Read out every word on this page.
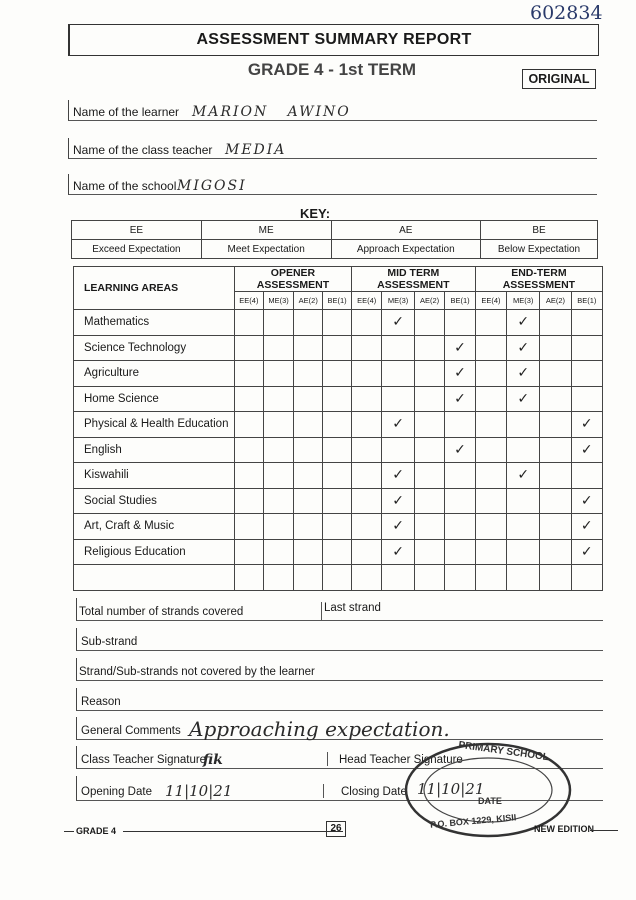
602834
ASSESSMENT SUMMARY REPORT
GRADE 4 - 1st TERM	ORIGINAL
Name of the learner MARION   AWINO
Name of the class teacher MEDIA
Name of the school MIGOSI
KEY:
EE	ME	AE	BE
Exceed Expectation	Meet Expectation	Approach Expectation	Below Expectation
LEARNING AREAS	OPENER ASSESSMENT				MID TERM ASSESSMENT				END-TERM ASSESSMENT			
	EE(4)	ME(3)	AE(2)	BE(1)	EE(4)	ME(3)	AE(2)	BE(1)	EE(4)	ME(3)	AE(2)	BE(1)
Mathematics						✓				✓		

Science Technology								✓		✓		

Agriculture								✓		✓		

Home Science								✓		✓		

Physical & Health Education						✓						✓

English								✓				✓

Kiswahili						✓				✓		

Social Studies						✓						✓

Art, Craft & Music						✓						✓

Religious Education						✓						✓

Total number of strands covered	Last strand
Sub-strand
Strand/Sub-strands not covered by the learner
Reason
General Comments Approaching expectation.
Class Teacher Signature
ﬁk	Head Teacher Signature
Opening Date 11|10|21	Closing Date 11|10|21
PRIMARY SCHOOL
P.O. BOX 1229, KISII
DATE
GRADE 4	26	NEW EDITION
